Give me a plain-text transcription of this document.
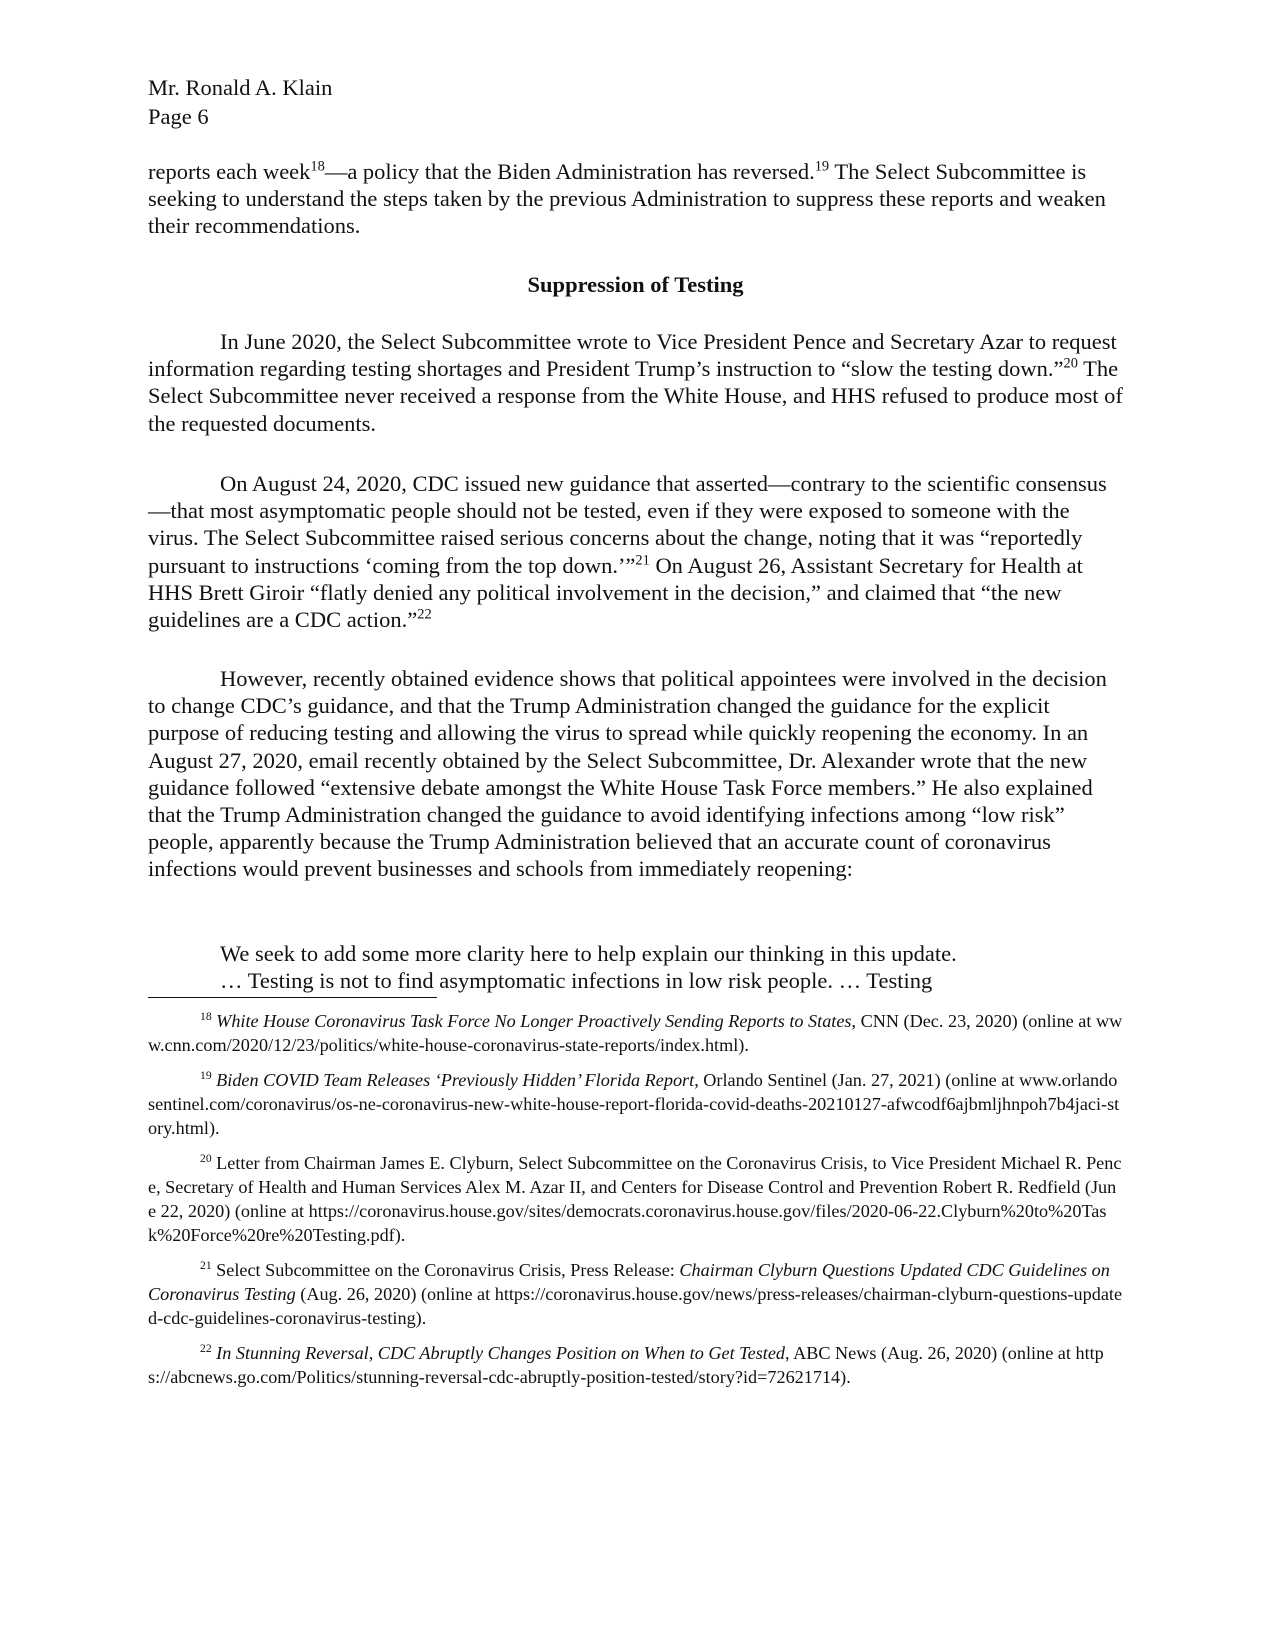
Mr. Ronald A. Klain
Page 6

reports each week$^{18}$—a policy that the Biden Administration has reversed.$^{19}$ The Select Subcommittee is seeking to understand the steps taken by the previous Administration to suppress these reports and weaken their recommendations.

Suppression of Testing

In June 2020, the Select Subcommittee wrote to Vice President Pence and Secretary Azar to request information regarding testing shortages and President Trump’s instruction to “slow the testing down.”$^{20}$ The Select Subcommittee never received a response from the White House, and HHS refused to produce most of the requested documents.

On August 24, 2020, CDC issued new guidance that asserted—contrary to the scientific consensus—that most asymptomatic people should not be tested, even if they were exposed to someone with the virus. The Select Subcommittee raised serious concerns about the change, noting that it was “reportedly pursuant to instructions ‘coming from the top down.’”$^{21}$ On August 26, Assistant Secretary for Health at HHS Brett Giroir “flatly denied any political involvement in the decision,” and claimed that “the new guidelines are a CDC action.”$^{22}$

However, recently obtained evidence shows that political appointees were involved in the decision to change CDC’s guidance, and that the Trump Administration changed the guidance for the explicit purpose of reducing testing and allowing the virus to spread while quickly reopening the economy. In an August 27, 2020, email recently obtained by the Select Subcommittee, Dr. Alexander wrote that the new guidance followed “extensive debate amongst the White House Task Force members.” He also explained that the Trump Administration changed the guidance to avoid identifying infections among “low risk” people, apparently because the Trump Administration believed that an accurate count of coronavirus infections would prevent businesses and schools from immediately reopening:

We seek to add some more clarity here to help explain our thinking in this update.
… Testing is not to find asymptomatic infections in low risk people. … Testing

$^{18}$ White House Coronavirus Task Force No Longer Proactively Sending Reports to States, CNN (Dec. 23, 2020) (online at www.cnn.com/2020/12/23/politics/white-house-coronavirus-state-reports/index.html).

$^{19}$ Biden COVID Team Releases ‘Previously Hidden’ Florida Report, Orlando Sentinel (Jan. 27, 2021) (online at www.orlandosentinel.com/coronavirus/os-ne-coronavirus-new-white-house-report-florida-covid-deaths-20210127-afwcodf6ajbmljhnpoh7b4jaci-story.html).

$^{20}$ Letter from Chairman James E. Clyburn, Select Subcommittee on the Coronavirus Crisis, to Vice President Michael R. Pence, Secretary of Health and Human Services Alex M. Azar II, and Centers for Disease Control and Prevention Robert R. Redfield (June 22, 2020) (online at https://coronavirus.house.gov/sites/democrats.coronavirus.house.gov/files/2020-06-22.Clyburn%20to%20Task%20Force%20re%20Testing.pdf).

$^{21}$ Select Subcommittee on the Coronavirus Crisis, Press Release: Chairman Clyburn Questions Updated CDC Guidelines on Coronavirus Testing (Aug. 26, 2020) (online at https://coronavirus.house.gov/news/press-releases/chairman-clyburn-questions-updated-cdc-guidelines-coronavirus-testing).

$^{22}$ In Stunning Reversal, CDC Abruptly Changes Position on When to Get Tested, ABC News (Aug. 26, 2020) (online at https://abcnews.go.com/Politics/stunning-reversal-cdc-abruptly-position-tested/story?id=72621714).
